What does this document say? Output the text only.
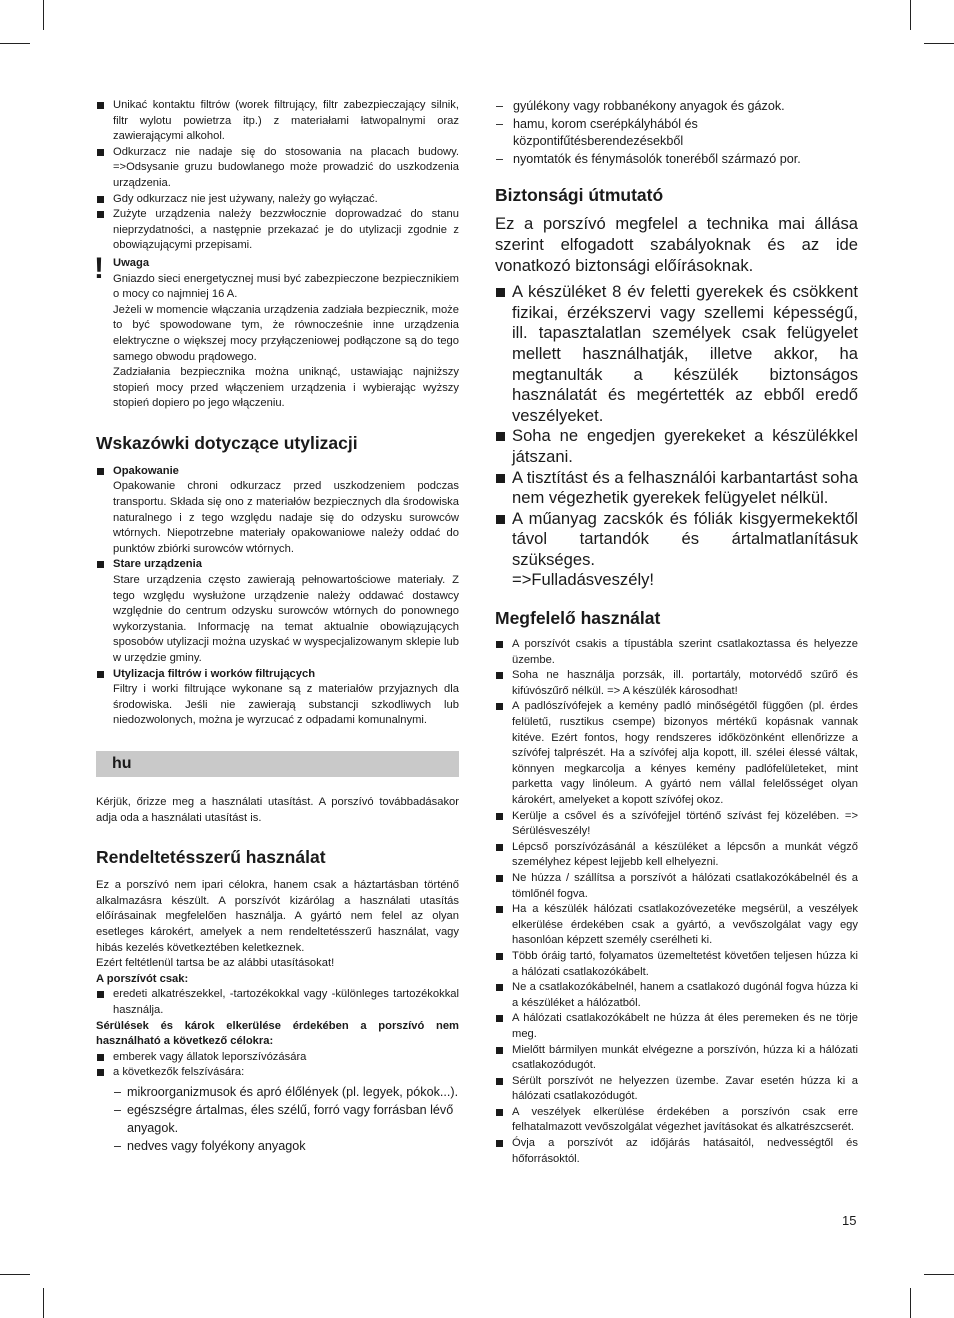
Unikać kontaktu filtrów (worek filtrujący, filtr zabezpieczający silnik, filtr wylotu powietrza itp.) z materiałami łatwopalnymi oraz zawierającymi alkohol.
Odkurzacz nie nadaje się do stosowania na placach budowy. =>Odsysanie gruzu budowlanego może prowadzić do uszkodzenia urządzenia.
Gdy odkurzacz nie jest używany, należy go wyłączać.
Zużyte urządzenia należy bezzwłocznie doprowadzać do stanu nieprzydatności, a następnie przekazać je do utylizacji zgodnie z obowiązującymi przepisami.
! Uwaga
Gniazdo sieci energetycznej musi być zabezpieczone bezpiecznikiem o mocy co najmniej 16 A.
Jeżeli w momencie włączania urządzenia zadziała bezpiecznik, może to być spowodowane tym, że równocześnie inne urządzenia elektryczne o większej mocy przyłączeniowej podłączone są do tego samego obwodu prądowego.
Zadziałania bezpiecznika można uniknąć, ustawiając najniższy stopień mocy przed włączeniem urządzenia i wybierając wyższy stopień dopiero po jego włączeniu.
Wskazówki dotyczące utylizacji
Opakowanie
Opakowanie chroni odkurzacz przed uszkodzeniem podczas transportu. Składa się ono z materiałów bezpiecznych dla środowiska naturalnego i z tego względu nadaje się do odzysku surowców wtórnych. Niepotrzebne materiały opakowaniowe należy oddać do punktów zbiórki surowców wtórnych.
Stare urządzenia
Stare urządzenia często zawierają pełnowartościowe materiały. Z tego względu wysłużone urządzenie należy oddawać dostawcy względnie do centrum odzysku surowców wtórnych do ponownego wykorzystania. Informację na temat aktualnie obowiązujących sposobów utylizacji można uzyskać w wyspecjalizowanym sklepie lub w urzędzie gminy.
Utylizacja filtrów i worków filtrujących
Filtry i worki filtrujące wykonane są z materiałów przyjaznych dla środowiska. Jeśli nie zawierają substancji szkodliwych lub niedozwolonych, można je wyrzucać z odpadami komunalnymi.
hu
Kérjük, őrizze meg a használati utasítást. A porszívó továbbadásakor adja oda a használati utasítást is.
Rendeltetésszerű használat
Ez a porszívó nem ipari célokra, hanem csak a háztartásban történő alkalmazásra készült. A porszívót kizárólag a használati utasítás előírásainak megfelelően használja. A gyártó nem felel az olyan esetleges károkért, amelyek a nem rendeltetésszerű használat, vagy hibás kezelés következtében keletkeznek.
Ezért feltétlenül tartsa be az alábbi utasításokat!
A porszívót csak:
eredeti alkatrészekkel, -tartozékokkal vagy -különleges tartozékokkal használja.
Sérülések és károk elkerülése érdekében a porszívó nem használható a következő célokra:
emberek vagy állatok leporszívózására
a következők felszívására:
– mikroorganizmusok és apró élőlények (pl. legyek, pókok...).
– egészségre ártalmas, éles szélű, forró vagy forrásban lévő anyagok.
– nedves vagy folyékony anyagok
– gyúlékony vagy robbanékony anyagok és gázok.
– hamu, korom cserépkályhából és központifűtésberendezésekből
– nyomtatók és fénymásolók toneréből származó por.
Biztonsági útmutató
Ez a porszívó megfelel a technika mai állása szerint elfogadott szabályoknak és az ide vonatkozó biztonsági előírásoknak.
A készüléket 8 év feletti gyerekek és csökkent fizikai, érzékszervi vagy szellemi képességű, ill. tapasztalatlan személyek csak felügyelet mellett használhatják, illetve akkor, ha megtanulták a készülék biztonságos használatát és megértették az ebből eredő veszélyeket.
Soha ne engedjen gyerekeket a készülékkel játszani.
A tisztítást és a felhasználói karbantartást soha nem végezhetik gyerekek felügyelet nélkül.
A műanyag zacskók és fóliák kisgyermekektől távol tartandók és ártalmatlanításuk szükséges.
=>Fulladásveszély!
Megfelelő használat
A porszívót csakis a típustábla szerint csatlakoztassa és helyezze üzembe.
Soha ne használja porzsák, ill. portartály, motorvédő szűrő és kifúvószűrő nélkül. => A készülék károsodhat!
A padlószívófejek a kemény padló minőségétől függően (pl. érdes felületű, rusztikus csempe) bizonyos mértékű kopásnak vannak kitéve. Ezért fontos, hogy rendszeres időközönként ellenőrizze a szívófej talprészét. Ha a szívófej alja kopott, ill. szélei élessé váltak, könnyen megkarcolja a kényes kemény padlófelületeket, mint parketta vagy linóleum. A gyártó nem vállal felelősséget olyan károkért, amelyeket a kopott szívófej okoz.
Kerülje a csővel és a szívófejjel történő szívást fej közelében. => Sérülésveszély!
Lépcső porszívózásánál a készüléket a lépcsőn a munkát végző személyhez képest lejjebb kell elhelyezni.
Ne húzza / szállítsa a porszívót a hálózati csatlakozókábelnél és a tömlőnél fogva.
Ha a készülék hálózati csatlakozóvezetéke megsérül, a veszélyek elkerülése érdekében csak a gyártó, a vevőszolgálat vagy egy hasonlóan képzett személy cserélheti ki.
Több óráig tartó, folyamatos üzemeltetést követően teljesen húzza ki a hálózati csatlakozókábelt.
Ne a csatlakozókábelnél, hanem a csatlakozó dugónál fogva húzza ki a készüléket a hálózatból.
A hálózati csatlakozókábelt ne húzza át éles peremeken és ne törje meg.
Mielőtt bármilyen munkát elvégezne a porszívón, húzza ki a hálózati csatlakozódugót.
Sérült porszívót ne helyezzen üzembe. Zavar esetén húzza ki a hálózati csatlakozódugót.
A veszélyek elkerülése érdekében a porszívón csak erre felhatalmazott vevőszolgálat végezhet javításokat és alkatrészcserét.
Óvja a porszívót az időjárás hatásaitól, nedvességtől és hőforrásoktól.
15
